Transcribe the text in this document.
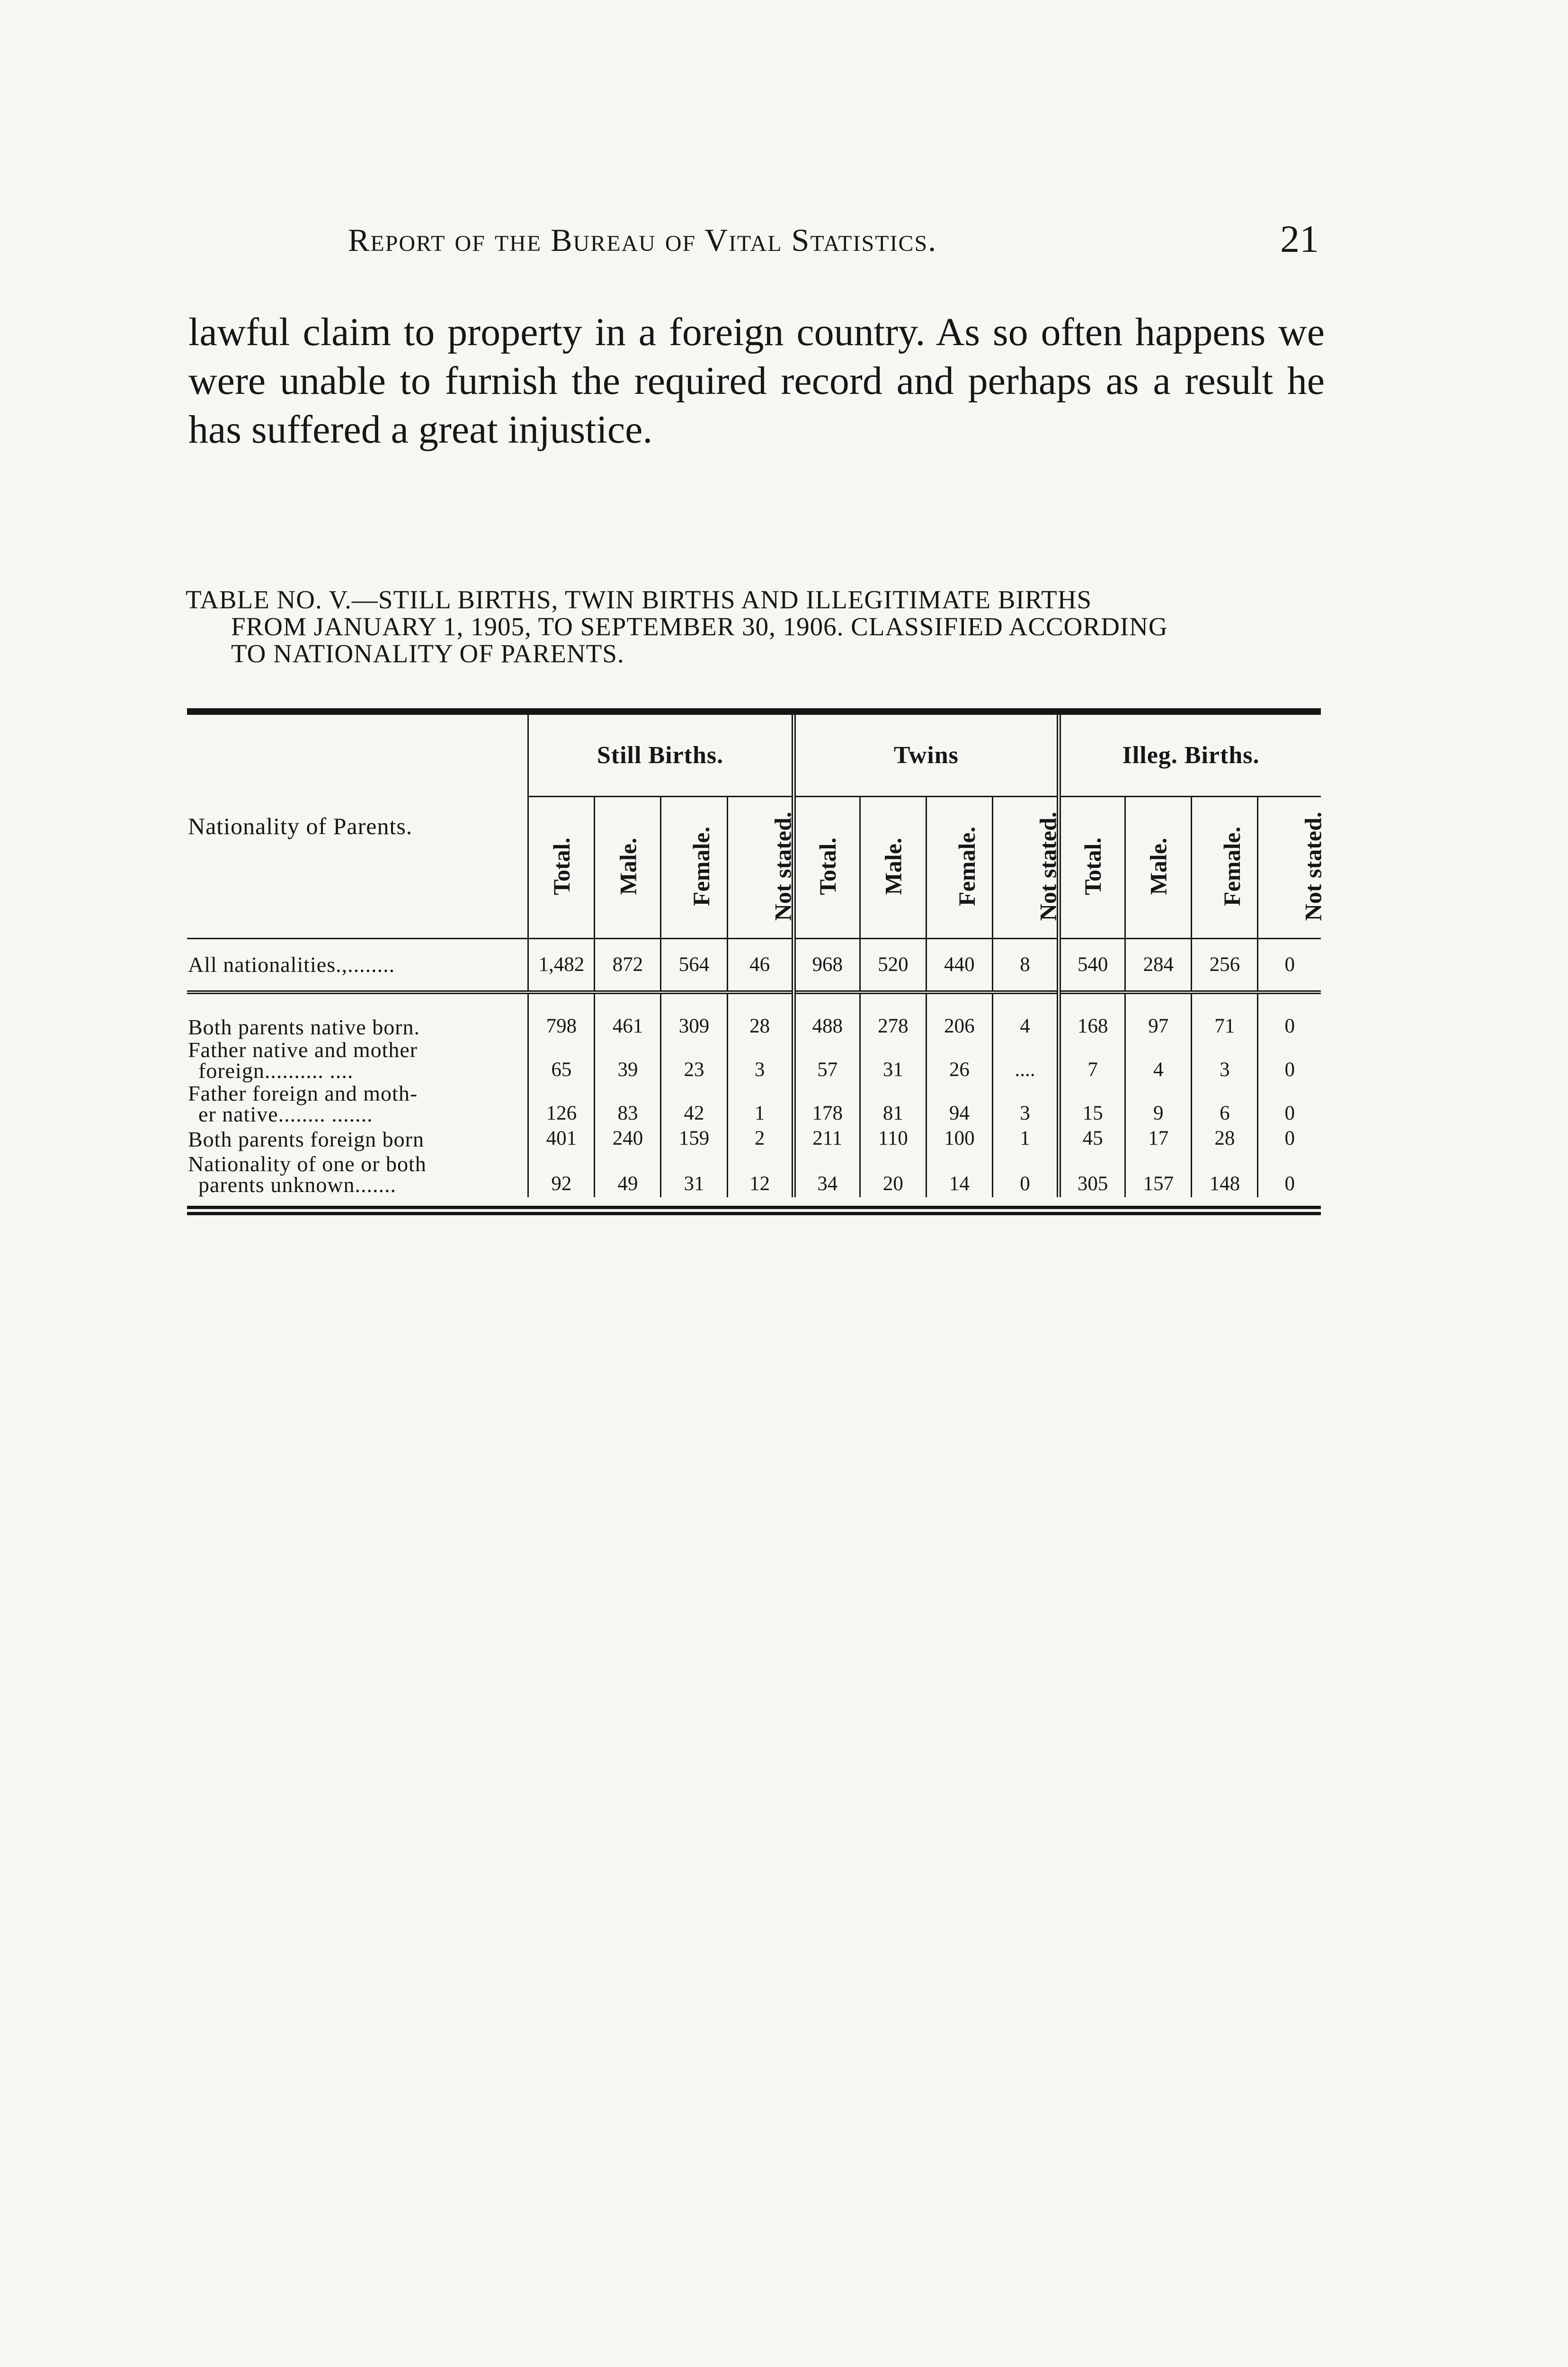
Report of the Bureau of Vital Statistics.	21
lawful claim to property in a foreign country. As so often happens we were unable to furnish the required record and perhaps as a result he has suffered a great injustice.
TABLE NO. V.—STILL BIRTHS, TWIN BIRTHS AND ILLEGITIMATE BIRTHS
FROM JANUARY 1, 1905, TO SEPTEMBER 30, 1906. CLASSIFIED ACCORDING
TO NATIONALITY OF PARENTS.
Nationality of Parents.	Still Births.				Twins				Illeg. Births.			
	Total.	Male.	Female.	Not stated.	Total.	Male.	Female.	Not stated.	Total.	Male.	Female.	Not stated.

All nationalities.,........	1,482	872	564	46	968	520	440	8	540	284	256	0

Both parents native born.	798	461	309	28	488	278	206	4	168	97	71	0

Father native and mother
foreign.......... ....	65	39	23	3	57	31	26	....	7	4	3	0

Father foreign and moth-
er native........ .......	126	83	42	1	178	81	94	3	15	9	6	0

Both parents foreign born	401	240	159	2	211	110	100	1	45	17	28	0

Nationality of one or both
parents unknown.......	92	49	31	12	34	20	14	0	305	157	148	0
